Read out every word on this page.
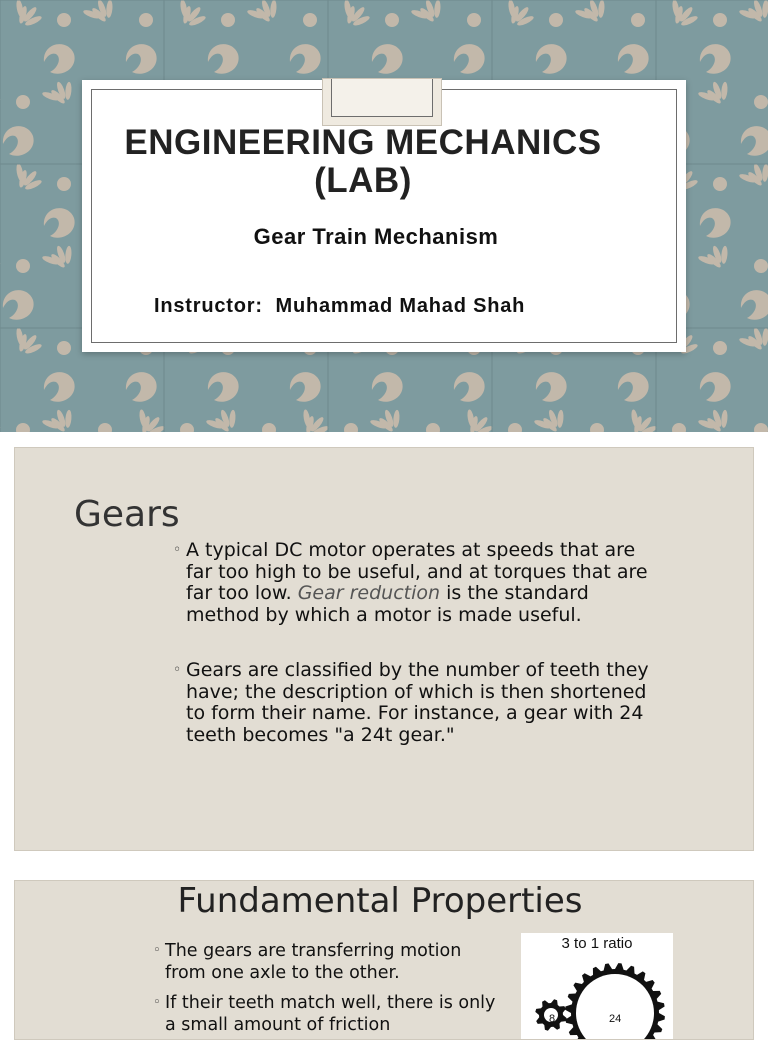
ENGINEERING MECHANICS
(LAB)
Gear Train Mechanism
Instructor:  Muhammad Mahad Shah
Gears
◦ A typical DC motor operates at speeds that are far too high to be useful, and at torques that are far too low. Gear reduction is the standard method by which a motor is made useful.
◦ Gears are classified by the number of teeth they have; the description of which is then shortened to form their name. For instance, a gear with 24 teeth becomes "a 24t gear."
Fundamental Properties
◦ The gears are transferring motion from one axle to the other.
◦ If their teeth match well, there is only a small amount of friction
3 to 1 ratio
8	24
